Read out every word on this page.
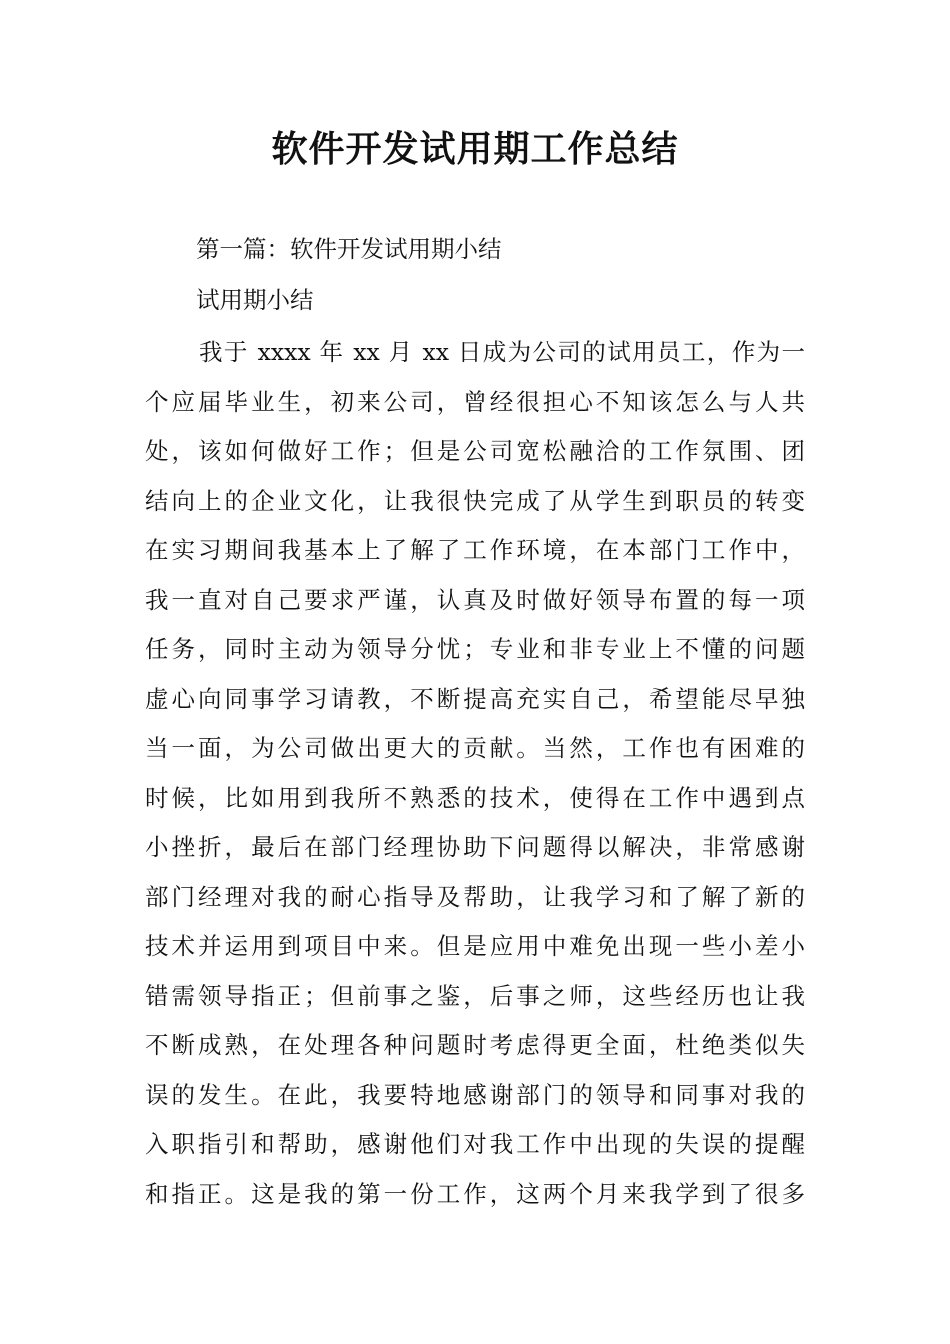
软件开发试用期工作总结
第一篇：软件开发试用期小结
试用期小结
我于 xxxx 年 xx 月 xx 日成为公司的试用员工，作为一
个应届毕业生，初来公司，曾经很担心不知该怎么与人共
处，该如何做好工作；但是公司宽松融洽的工作氛围、团
结向上的企业文化，让我很快完成了从学生到职员的转变
在实习期间我基本上了解了工作环境，在本部门工作中，
我一直对自己要求严谨，认真及时做好领导布置的每一项
任务，同时主动为领导分忧；专业和非专业上不懂的问题
虚心向同事学习请教，不断提高充实自己，希望能尽早独
当一面，为公司做出更大的贡献。当然，工作也有困难的
时候，比如用到我所不熟悉的技术，使得在工作中遇到点
小挫折，最后在部门经理协助下问题得以解决，非常感谢
部门经理对我的耐心指导及帮助，让我学习和了解了新的
技术并运用到项目中来。但是应用中难免出现一些小差小
错需领导指正；但前事之鉴，后事之师，这些经历也让我
不断成熟，在处理各种问题时考虑得更全面，杜绝类似失
误的发生。在此，我要特地感谢部门的领导和同事对我的
入职指引和帮助，感谢他们对我工作中出现的失误的提醒
和指正。这是我的第一份工作，这两个月来我学到了很多
